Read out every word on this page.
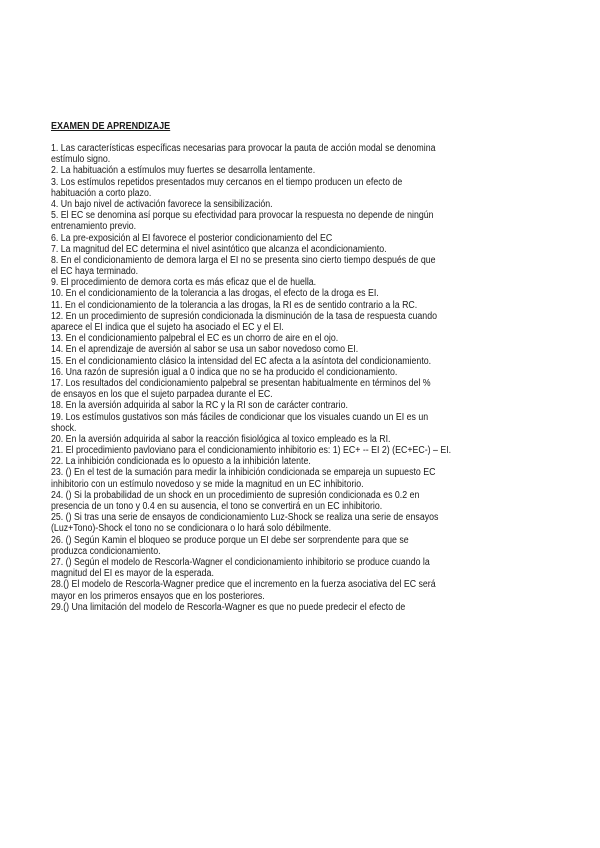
EXAMEN DE APRENDIZAJE
1. Las características específicas necesarias para provocar la pauta de acción modal se denomina
estímulo signo.
2. La habituación a estímulos muy fuertes se desarrolla lentamente.
3. Los estímulos repetidos presentados muy cercanos en el tiempo producen un efecto de
habituación a corto plazo.
4. Un bajo nivel de activación favorece la sensibilización.
5. El EC se denomina así porque su efectividad para provocar la respuesta no depende de ningún
entrenamiento previo.
6. La pre-exposición al EI favorece el posterior condicionamiento del EC
7. La magnitud del EC determina el nivel asintótico que alcanza el acondicionamiento.
8. En el condicionamiento de demora larga el EI no se presenta sino cierto tiempo después de que
el EC haya terminado.
9. El procedimiento de demora corta es más eficaz que el de huella.
10. En el condicionamiento de la tolerancia a las drogas, el efecto de la droga es EI.
11. En el condicionamiento de la tolerancia a las drogas, la RI es de sentido contrario a la RC.
12. En un procedimiento de supresión condicionada la disminución de la tasa de respuesta cuando
aparece el EI indica que el sujeto ha asociado el EC y el EI.
13. En el condicionamiento palpebral el EC es un chorro de aire en el ojo.
14. En el aprendizaje de aversión al sabor se usa un sabor novedoso como EI.
15. En el condicionamiento clásico la intensidad del EC afecta a la asíntota del condicionamiento.
16. Una razón de supresión igual a 0 indica que no se ha producido el condicionamiento.
17. Los resultados del condicionamiento palpebral se presentan habitualmente en términos del %
de ensayos en los que el sujeto parpadea durante el EC.
18. En la aversión adquirida al sabor la RC y la RI son de carácter contrario.
19. Los estímulos gustativos son más fáciles de condicionar que los visuales cuando un EI es un
shock.
20. En la aversión adquirida al sabor la reacción fisiológica al toxico empleado es la RI.
21. El procedimiento pavloviano para el condicionamiento inhibitorio es: 1) EC+ -- EI 2) (EC+EC-) – EI.
22. La inhibición condicionada es lo opuesto a la inhibición latente.
23. () En el test de la sumación para medir la inhibición condicionada se empareja un supuesto EC
inhibitorio con un estímulo novedoso y se mide la magnitud en un EC inhibitorio.
24. () Si la probabilidad de un shock en un procedimiento de supresión condicionada es 0.2 en
presencia de un tono y 0.4 en su ausencia, el tono se convertirá en un EC inhibitorio.
25. () Si tras una serie de ensayos de condicionamiento Luz-Shock se realiza una serie de ensayos
(Luz+Tono)-Shock el tono no se condicionara o lo hará solo débilmente.
26. () Según Kamin el bloqueo se produce porque un EI debe ser sorprendente para que se
produzca condicionamiento.
27. () Según el modelo de Rescorla-Wagner el condicionamiento inhibitorio se produce cuando la
magnitud del EI es mayor de la esperada.
28.() El modelo de Rescorla-Wagner predice que el incremento en la fuerza asociativa del EC será
mayor en los primeros ensayos que en los posteriores.
29.() Una limitación del modelo de Rescorla-Wagner es que no puede predecir el efecto de
